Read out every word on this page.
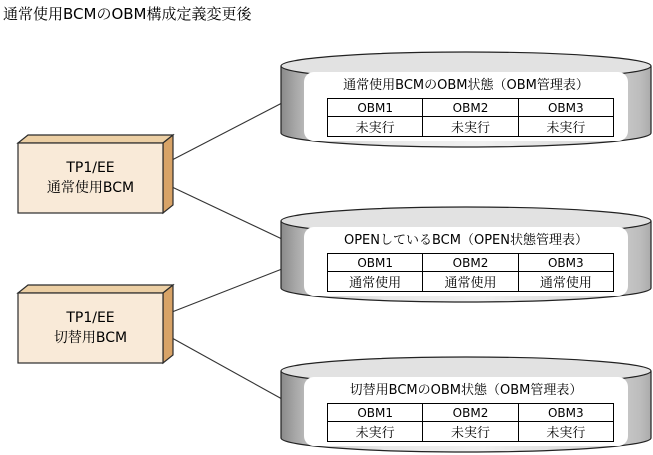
通常使用BCMのOBM構成定義変更後
TP1/EE
通常使用BCM
TP1/EE
切替用BCM
通常使用BCMのOBM状態（OBM管理表）
OBM1	OBM2	OBM3
未実行	未実行	未実行
OPENしているBCM（OPEN状態管理表）
OBM1	OBM2	OBM3
通常使用	通常使用	通常使用
切替用BCMのOBM状態（OBM管理表）
OBM1	OBM2	OBM3
未実行	未実行	未実行
